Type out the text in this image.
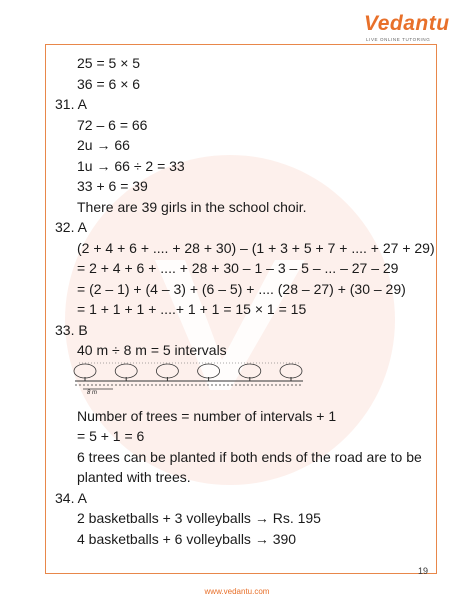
Vedantu
LIVE ONLINE TUTORING
25 = 5 × 5
36 = 6 × 6
31. A
72 – 6 = 66
2u → 66
1u → 66 ÷ 2 = 33
33 + 6 = 39
There are 39 girls in the school choir.
32. A
(2 + 4 + 6 + .... + 28 + 30) – (1 + 3 + 5 + 7 + .... + 27 + 29)
= 2 + 4 + 6 + .... + 28 + 30 – 1 – 3 – 5 – ... – 27 – 29
= (2 – 1) + (4 – 3) + (6 – 5) + .... (28 – 27) + (30 – 29)
= 1 + 1 + 1 + ....+ 1 + 1 = 15 × 1 = 15
33. B
40 m ÷ 8 m = 5 intervals
8 m
Number of trees = number of intervals + 1
= 5 + 1 = 6
6 trees can be planted if both ends of the road are to be
planted with trees.
34. A
2 basketballs + 3 volleyballs → Rs. 195
4 basketballs + 6 volleyballs → 390
19
www.vedantu.com
